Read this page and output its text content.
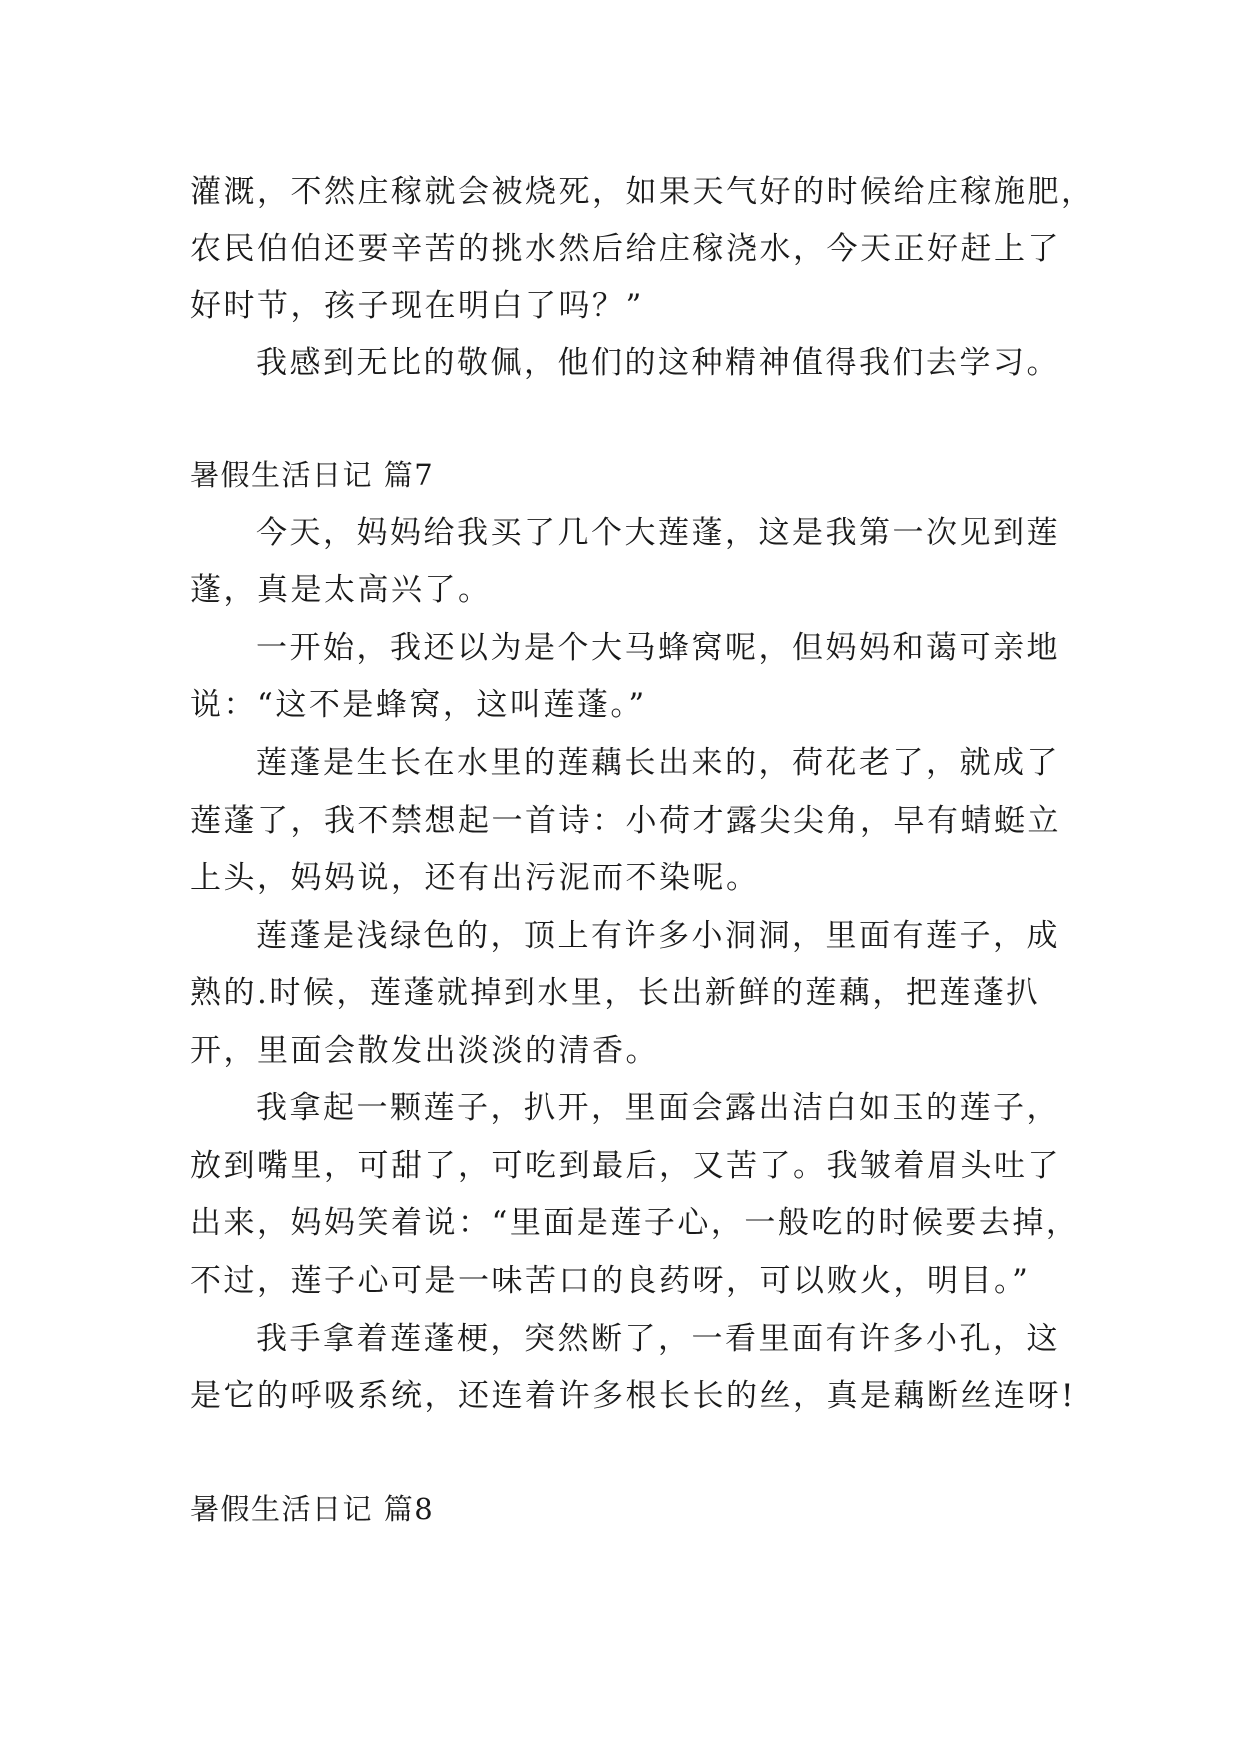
灌溉，不然庄稼就会被烧死，如果天气好的时候给庄稼施肥，
农民伯伯还要辛苦的挑水然后给庄稼浇水，今天正好赶上了
好时节，孩子现在明白了吗？”
我感到无比的敬佩，他们的这种精神值得我们去学习。
暑假生活日记 篇7
今天，妈妈给我买了几个大莲蓬，这是我第一次见到莲
蓬，真是太高兴了。
一开始，我还以为是个大马蜂窝呢，但妈妈和蔼可亲地
说：“这不是蜂窝，这叫莲蓬。”
莲蓬是生长在水里的莲藕长出来的，荷花老了，就成了
莲蓬了，我不禁想起一首诗：小荷才露尖尖角，早有蜻蜓立
上头，妈妈说，还有出污泥而不染呢。
莲蓬是浅绿色的，顶上有许多小洞洞，里面有莲子，成
熟的.时候，莲蓬就掉到水里，长出新鲜的莲藕，把莲蓬扒
开，里面会散发出淡淡的清香。
我拿起一颗莲子，扒开，里面会露出洁白如玉的莲子，
放到嘴里，可甜了，可吃到最后，又苦了。我皱着眉头吐了
出来，妈妈笑着说：“里面是莲子心，一般吃的时候要去掉，
不过，莲子心可是一味苦口的良药呀，可以败火，明目。”
我手拿着莲蓬梗，突然断了，一看里面有许多小孔，这
是它的呼吸系统，还连着许多根长长的丝，真是藕断丝连呀!
暑假生活日记 篇8
